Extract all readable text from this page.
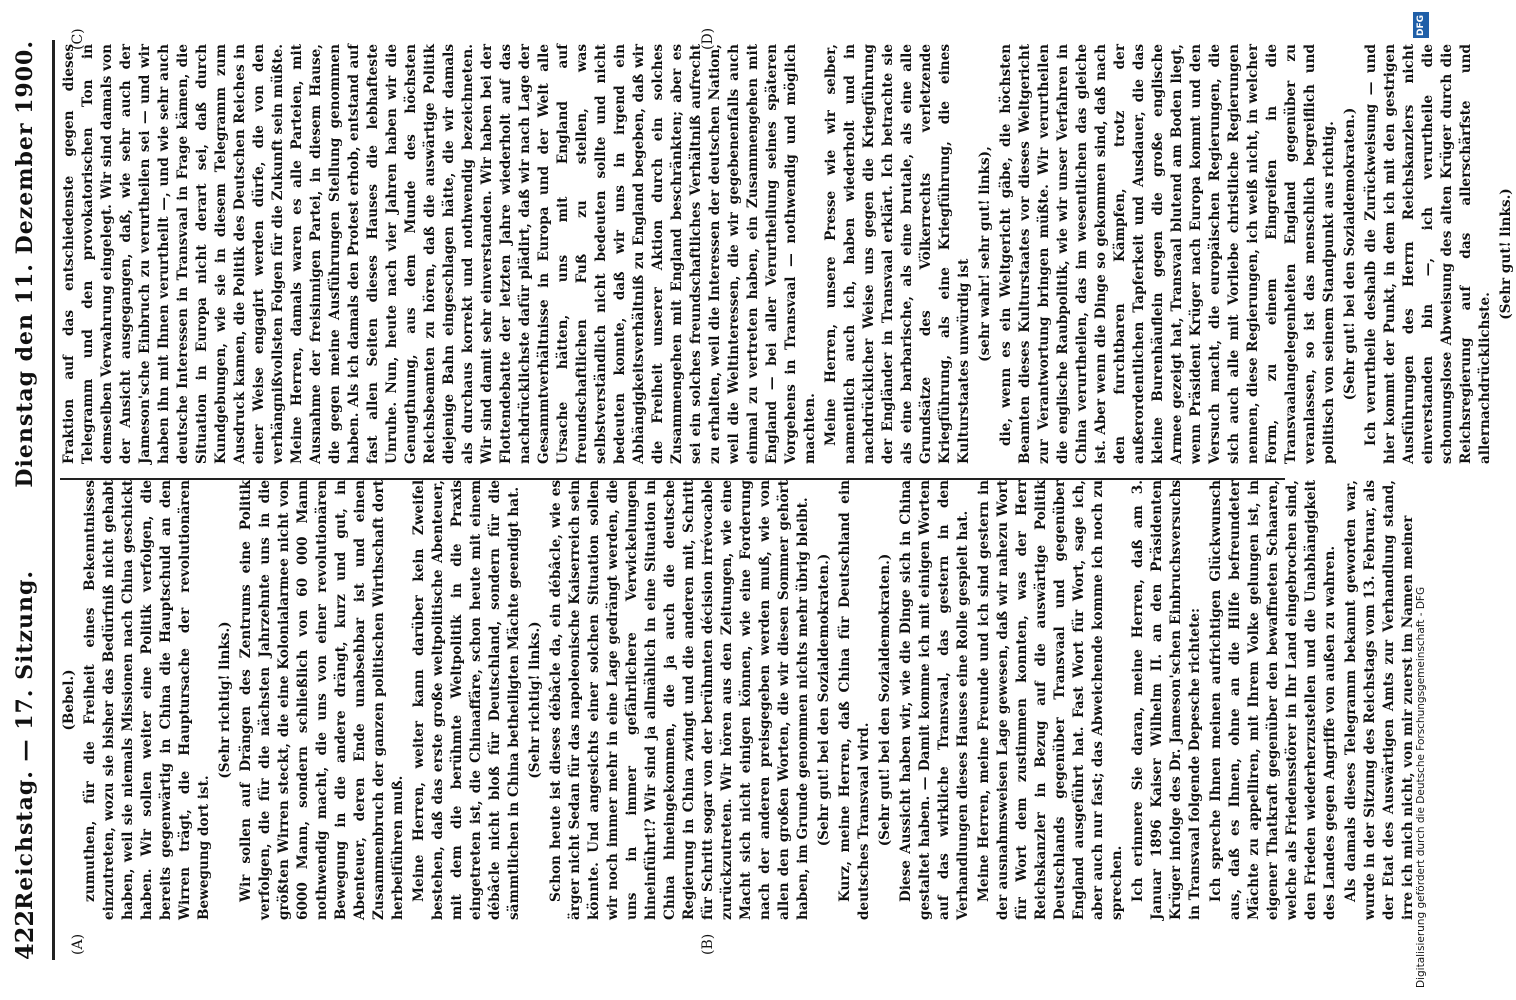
422
Reichstag. — 17. Sitzung.
Dienstag den 11. Dezember 1900.
(A)	(B)
(C)	(D)

(Bebel.) zumuthen, für die Freiheit eines Bekenntnisses einzutreten, wozu sie bisher das Bedürfniß nicht gehabt haben, weil sie niemals Missionen nach China geschickt haben. Wir sollen weiter eine Politik verfolgen, die bereits gegenwärtig in China die Hauptschuld an den Wirren trägt, die Hauptursache der revolutionären Bewegung dort ist.

(Sehr richtig! links.) Wir sollen auf Drängen des Zentrums eine Politik verfolgen, die für die nächsten Jahrzehnte uns in die größten Wirren steckt, die eine Kolonialarmee nicht von 6000 Mann, sondern schließlich von 60 000 Mann nothwendig macht, die uns von einer revolutionären Bewegung in die andere drängt, kurz und gut, in Abenteuer, deren Ende unabsehbar ist und einen Zusammenbruch der ganzen politischen Wirthschaft dort herbeiführen muß. Meine Herren, weiter kann darüber kein Zweifel bestehen, daß das erste große weltpolitische Abenteuer, mit dem die berühmte Weltpolitik in die Praxis eingetreten ist, die Chinaaffäre, schon heute mit einem débâcle nicht bloß für Deutschland, sondern für die sämmtlichen in China betheiligten Mächte geendigt hat. (Sehr richtig! links.) Schon heute ist dieses débâcle da, ein débâcle, wie es ärger nicht Sedan für das napoleonische Kaiserreich sein könnte. Und angesichts einer solchen Situation sollen wir noch immer mehr in eine Lage gedrängt werden, die uns in immer gefährlichere Verwickelungen hineinführt!? Wir sind ja allmählich in eine Situation in China hineingekommen, die ja auch die deutsche Regierung in China zwingt und die anderen mit, Schritt für Schritt sogar von der berühmten décision irrévocable zurückzutreten. Wir hören aus den Zeitungen, wie eine Macht sich nicht einigen können, wie eine Forderung nach der anderen preisgegeben werden muß, wie von allen den großen Worten, die wir diesen Sommer gehört haben, im Grunde genommen nichts mehr übrig bleibt. (Sehr gut! bei den Sozialdemokraten.) Kurz, meine Herren, daß China für Deutschland ein deutsches Transvaal wird. (Sehr gut! bei den Sozialdemokraten.) Diese Aussicht haben wir, wie die Dinge sich in China gestaltet haben. — Damit komme ich mit einigen Worten auf das wirkliche Transvaal, das gestern in den Verhandlungen dieses Hauses eine Rolle gespielt hat. Meine Herren, meine Freunde und ich sind gestern in der ausnahmsweisen Lage gewesen, daß wir nahezu Wort für Wort dem zustimmen konnten, was der Herr Reichskanzler in Bezug auf die auswärtige Politik Deutschlands gegenüber Transvaal und gegenüber England ausgeführt hat. Fast Wort für Wort, sage ich, aber auch nur fast; das Abweichende komme ich noch zu sprechen. Ich erinnere Sie daran, meine Herren, daß am 3. Januar 1896 Kaiser Wilhelm II. an den Präsidenten Krüger infolge des Dr. Jameson'schen Einbruchsversuchs in Transvaal folgende Depesche richtete: Ich spreche Ihnen meinen aufrichtigen Glückwunsch aus, daß es Ihnen, ohne an die Hilfe befreundeter Mächte zu appelliren, mit Ihrem Volke gelungen ist, in eigener Thatkraft gegenüber den bewaffneten Schaaren, welche als Friedensstörer in Ihr Land eingebrochen sind, den Frieden wiederherzustellen und die Unabhängigkeit des Landes gegen Angriffe von außen zu wahren. Als damals dieses Telegramm bekannt geworden war, wurde in der Sitzung des Reichstags vom 13. Februar, als der Etat des Auswärtigen Amts zur Verhandlung stand, irre ich mich nicht, von mir zuerst im Namen meiner

Fraktion auf das entschiedenste gegen dieses Telegramm und den provokatorischen Ton in demselben Verwahrung eingelegt. Wir sind damals von der Ansicht ausgegangen, daß, wie sehr auch der Jameson'sche Einbruch zu verurtheilen sei — und wir haben ihn mit Ihnen verurtheilt —, und wie sehr auch deutsche Interessen in Transvaal in Frage kämen, die Situation in Europa nicht derart sei, daß durch Kundgebungen, wie sie in diesem Telegramm zum Ausdruck kamen, die Politik des Deutschen Reiches in einer Weise engagirt werden dürfe, die von den verhängnißvollsten Folgen für die Zukunft sein müßte. Meine Herren, damals waren es alle Parteien, mit Ausnahme der freisinnigen Partei, in diesem Hause, die gegen meine Ausführungen Stellung genommen haben. Als ich damals den Protest erhob, entstand auf fast allen Seiten dieses Hauses die lebhafteste Unruhe. Nun, heute nach vier Jahren haben wir die Genugthuung, aus dem Munde des höchsten Reichsbeamten zu hören, daß die auswärtige Politik diejenige Bahn eingeschlagen hätte, die wir damals als durchaus korrekt und nothwendig bezeichneten. Wir sind damit sehr einverstanden. Wir haben bei der Flottendebatte der letzten Jahre wiederholt auf das nachdrücklichste dafür plädirt, daß wir nach Lage der Gesammtverhältnisse in Europa und der Welt alle Ursache hätten, uns mit England auf freundschaftlichen Fuß zu stellen, was selbstverständlich nicht bedeuten sollte und nicht bedeuten konnte, daß wir uns in irgend ein Abhängigkeitsverhältniß zu England begeben, daß wir die Freiheit unserer Aktion durch ein solches Zusammengehen mit England beschränkten; aber es sei ein solches freundschaftliches Verhältniß aufrecht zu erhalten, weil die Interessen der deutschen Nation, weil die Weltinteressen, die wir gegebenenfalls auch einmal zu vertreten haben, ein Zusammengehen mit England — bei aller Verurtheilung seines späteren Vorgehens in Transvaal — nothwendig und möglich machten. Meine Herren, unsere Presse wie wir selber, namentlich auch ich, haben wiederholt und in nachdrücklicher Weise uns gegen die Kriegführung der Engländer in Transvaal erklärt. Ich betrachte sie als eine barbarische, als eine brutale, als eine alle Grundsätze des Völkerrechts verletzende Kriegführung, als eine Kriegführung, die eines Kulturstaates unwürdig ist (sehr wahr! sehr gut! links), die, wenn es ein Weltgericht gäbe, die höchsten Beamten dieses Kulturstaates vor dieses Weltgericht zur Verantwortung bringen müßte. Wir verurtheilen die englische Raubpolitik, wie wir unser Verfahren in China verurtheilen, das im wesentlichen das gleiche ist. Aber wenn die Dinge so gekommen sind, daß nach den furchtbaren Kämpfen, trotz der außerordentlichen Tapferkeit und Ausdauer, die das kleine Burenhäuflein gegen die große englische Armee gezeigt hat, Transvaal blutend am Boden liegt, wenn Präsident Krüger nach Europa kommt und den Versuch macht, die europäischen Regierungen, die sich auch alle mit Vorliebe christliche Regierungen nennen, diese Regierungen, ich weiß nicht, in welcher Form, zu einem Eingreifen in die Transvaalangelegenheiten England gegenüber zu veranlassen, so ist das menschlich begreiflich und politisch von seinem Standpunkt aus richtig. (Sehr gut! bei den Sozialdemokraten.) Ich verurtheile deshalb die Zurückweisung — und hier kommt der Punkt, in dem ich mit den gestrigen Ausführungen des Herrn Reichskanzlers nicht einverstanden bin —, ich verurtheile die schonungslose Abweisung des alten Krüger durch die Reichsregierung auf das allerschärfste und allernachdrücklichste.

(Sehr gut! links.)

Digitalisierung gefördert durch die Deutsche Forschungsgemeinschaft - DFG
DFG
